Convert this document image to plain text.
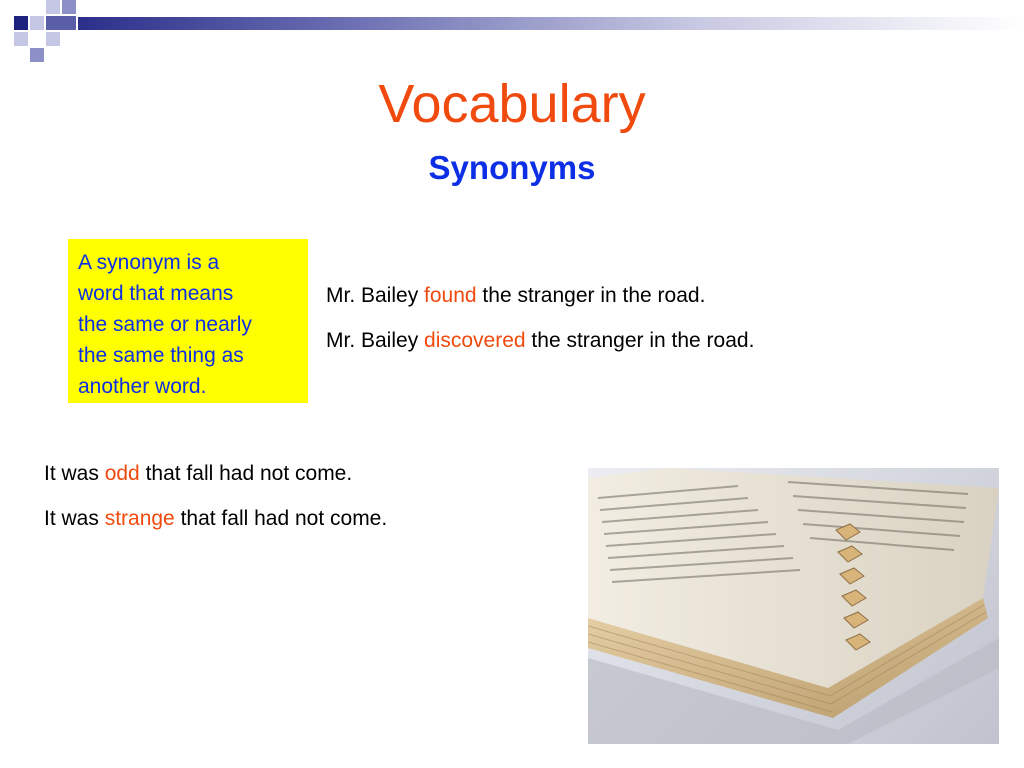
Vocabulary
Synonyms
A synonym is a
word that means
the same or nearly
the same thing as
another word.
Mr. Bailey found the stranger in the road.
Mr. Bailey discovered the stranger in the road.
It was odd that fall had not come.
It was strange that fall had not come.
